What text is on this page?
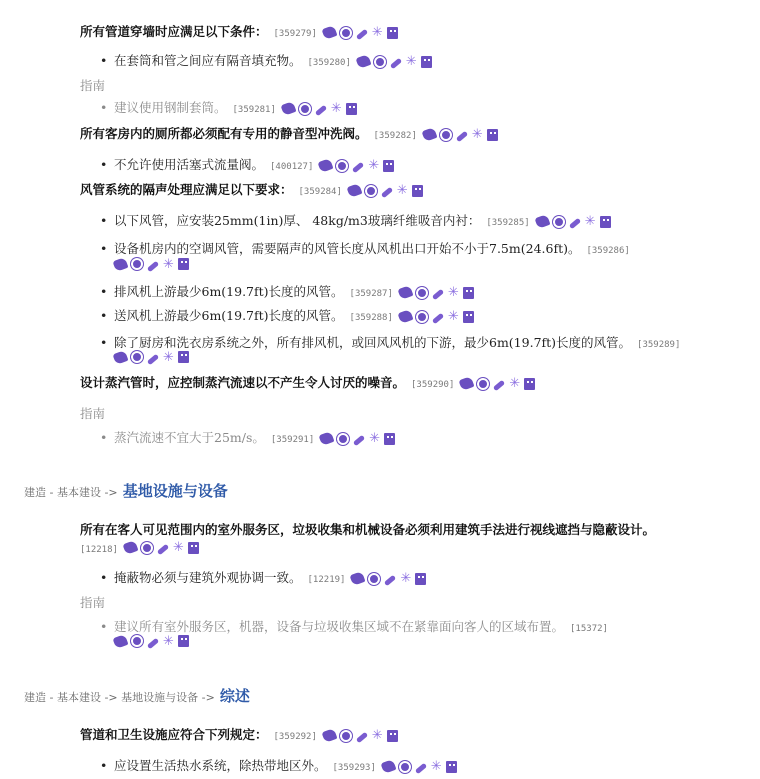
所有管道穿墙时应满足以下条件： [359279]	✳
• 在套筒和管之间应有隔音填充物。 [359280]	✳
指南
• 建议使用钢制套筒。 [359281]	✳
所有客房内的厕所都必须配有专用的静音型冲洗阀。 [359282]	✳
• 不允许使用活塞式流量阀。 [400127]	✳
风管系统的隔声处理应满足以下要求： [359284]	✳
• 以下风管，应安装25mm(1in)厚、 48kg/m3玻璃纤维吸音内衬： [359285]	✳
• 设备机房内的空调风管，需要隔声的风管长度从风机出口开始不小于7.5m(24.6ft)。 [359286]
✳
• 排风机上游最少6m(19.7ft)长度的风管。 [359287]	✳
• 送风机上游最少6m(19.7ft)长度的风管。 [359288]	✳
• 除了厨房和洗衣房系统之外，所有排风机，或回风风机的下游，最少6m(19.7ft)长度的风管。 [359289]
✳
设计蒸汽管时，应控制蒸汽流速以不产生令人讨厌的噪音。 [359290]	✳
指南
• 蒸汽流速不宜大于25m/s。 [359291]	✳
建造 - 基本建设 -> 基地设施与设备
所有在客人可见范围内的室外服务区，垃圾收集和机械设备必须利用建筑手法进行视线遮挡与隐蔽设计。
[12218]	✳
• 掩蔽物必须与建筑外观协调一致。 [12219]	✳
指南
• 建议所有室外服务区，机器，设备与垃圾收集区域不在紧靠面向客人的区域布置。 [15372]
✳
建造 - 基本建设 -> 基地设施与设备 -> 综述
管道和卫生设施应符合下列规定： [359292]	✳
• 应设置生活热水系统，除热带地区外。 [359293]	✳
